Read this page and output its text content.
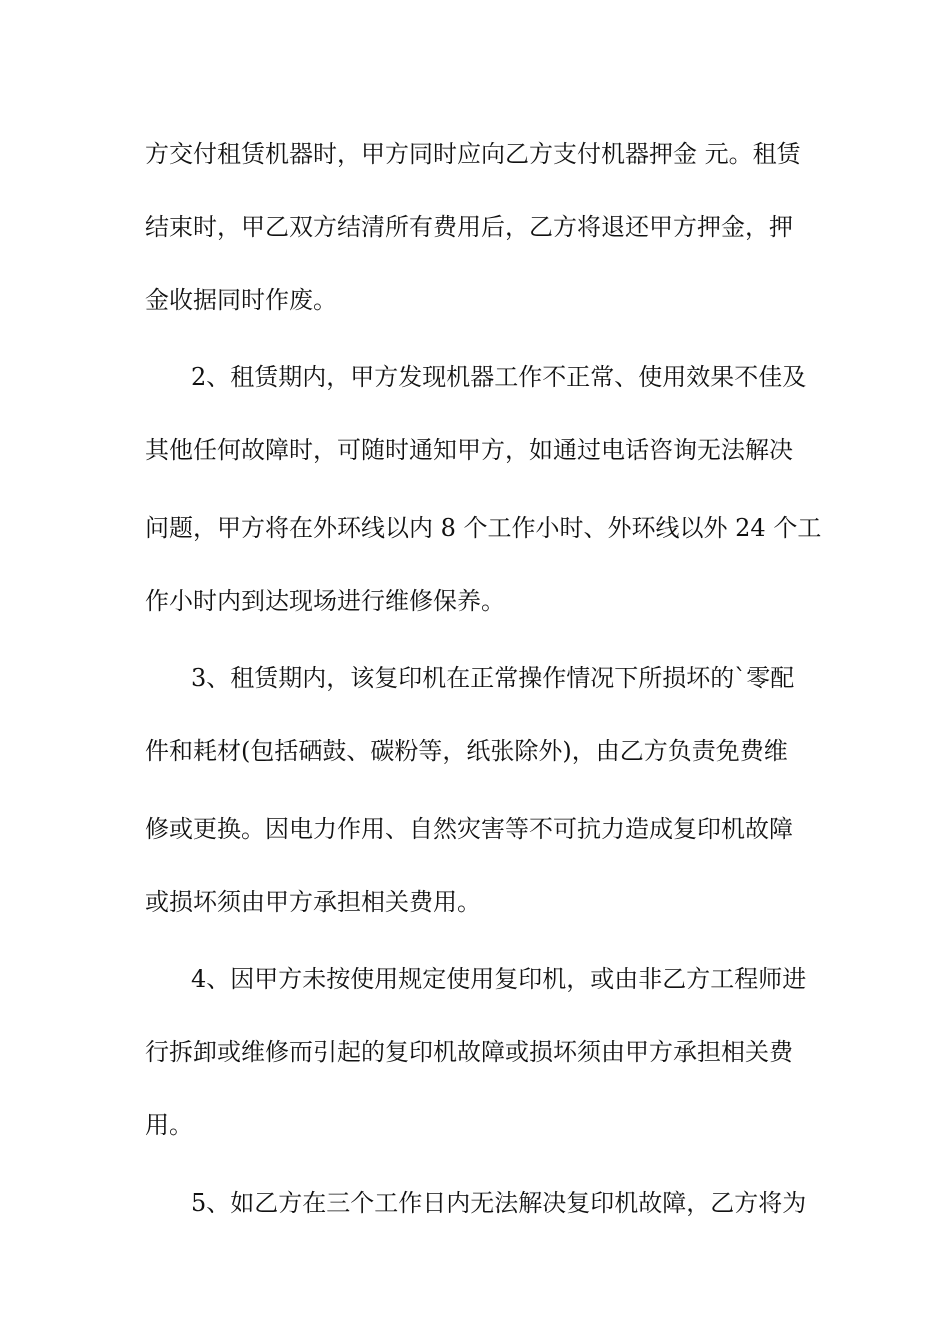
方交付租赁机器时，甲方同时应向乙方支付机器押金 元。租赁
结束时，甲乙双方结清所有费用后，乙方将退还甲方押金，押
金收据同时作废。
2、租赁期内，甲方发现机器工作不正常、使用效果不佳及
其他任何故障时，可随时通知甲方，如通过电话咨询无法解决
问题，甲方将在外环线以内 8 个工作小时、外环线以外 24 个工
作小时内到达现场进行维修保养。
3、租赁期内，该复印机在正常操作情况下所损坏的`零配
件和耗材(包括硒鼓、碳粉等，纸张除外)，由乙方负责免费维
修或更换。因电力作用、自然灾害等不可抗力造成复印机故障
或损坏须由甲方承担相关费用。
4、因甲方未按使用规定使用复印机，或由非乙方工程师进
行拆卸或维修而引起的复印机故障或损坏须由甲方承担相关费
用。
5、如乙方在三个工作日内无法解决复印机故障，乙方将为
